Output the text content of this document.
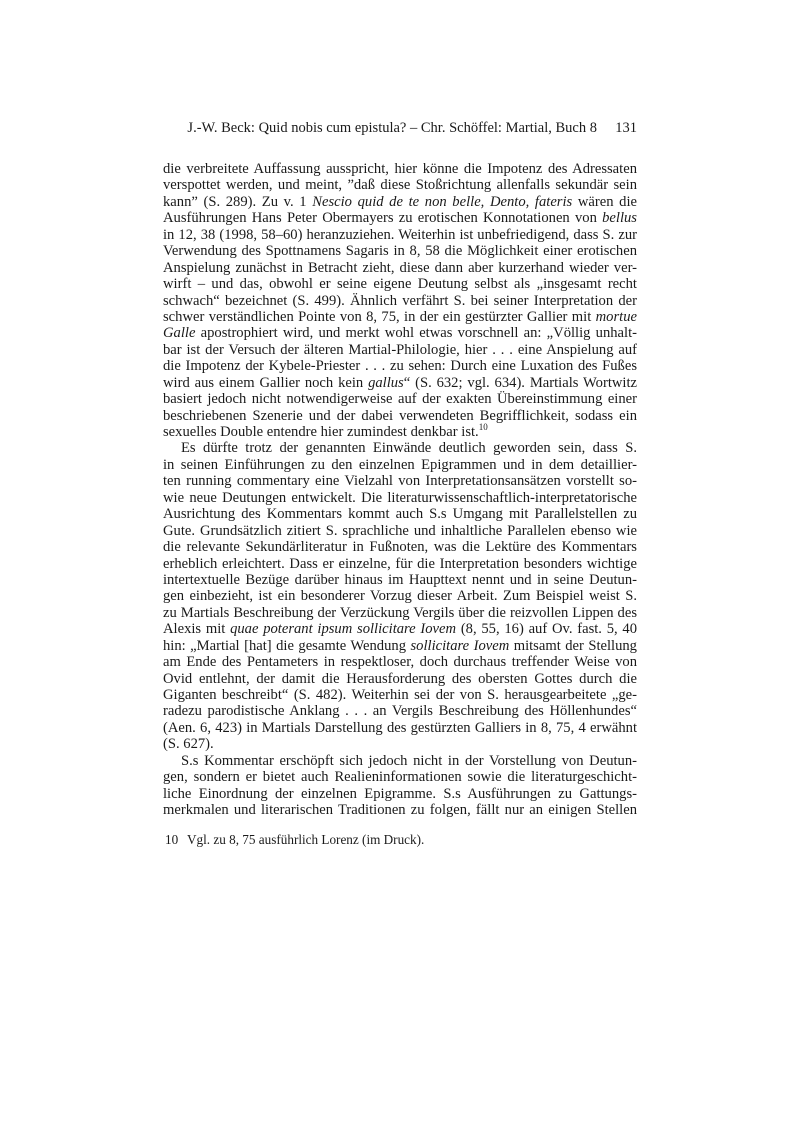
J.-W. Beck: Quid nobis cum epistula? – Chr. Schöffel: Martial, Buch 8 131
die verbreitete Auffassung ausspricht, hier könne die Impotenz des Adressaten
verspottet werden, und meint, ”daß diese Stoßrichtung allenfalls sekundär sein
kann” (S. 289). Zu v. 1 Nescio quid de te non belle, Dento, fateris wären die
Ausführungen Hans Peter Obermayers zu erotischen Konnotationen von bellus
in 12, 38 (1998, 58–60) heranzuziehen. Weiterhin ist unbefriedigend, dass S. zur
Verwendung des Spottnamens Sagaris in 8, 58 die Möglichkeit einer erotischen
Anspielung zunächst in Betracht zieht, diese dann aber kurzerhand wieder ver-
wirft – und das, obwohl er seine eigene Deutung selbst als „insgesamt recht
schwach“ bezeichnet (S. 499). Ähnlich verfährt S. bei seiner Interpretation der
schwer verständlichen Pointe von 8, 75, in der ein gestürzter Gallier mit mortue
Galle apostrophiert wird, und merkt wohl etwas vorschnell an: „Völlig unhalt-
bar ist der Versuch der älteren Martial-Philologie, hier . . . eine Anspielung auf
die Impotenz der Kybele-Priester . . . zu sehen: Durch eine Luxation des Fußes
wird aus einem Gallier noch kein gallus“ (S. 632; vgl. 634). Martials Wortwitz
basiert jedoch nicht notwendigerweise auf der exakten Übereinstimmung einer
beschriebenen Szenerie und der dabei verwendeten Begrifflichkeit, sodass ein
sexuelles Double entendre hier zumindest denkbar ist.$^{10}$
Es dürfte trotz der genannten Einwände deutlich geworden sein, dass S.
in seinen Einführungen zu den einzelnen Epigrammen und in dem detaillier-
ten running commentary eine Vielzahl von Interpretationsansätzen vorstellt so-
wie neue Deutungen entwickelt. Die literaturwissenschaftlich-interpretatorische
Ausrichtung des Kommentars kommt auch S.s Umgang mit Parallelstellen zu
Gute. Grundsätzlich zitiert S. sprachliche und inhaltliche Parallelen ebenso wie
die relevante Sekundärliteratur in Fußnoten, was die Lektüre des Kommentars
erheblich erleichtert. Dass er einzelne, für die Interpretation besonders wichtige
intertextuelle Bezüge darüber hinaus im Haupttext nennt und in seine Deutun-
gen einbezieht, ist ein besonderer Vorzug dieser Arbeit. Zum Beispiel weist S.
zu Martials Beschreibung der Verzückung Vergils über die reizvollen Lippen des
Alexis mit quae poterant ipsum sollicitare Iovem (8, 55, 16) auf Ov. fast. 5, 40
hin: „Martial [hat] die gesamte Wendung sollicitare Iovem mitsamt der Stellung
am Ende des Pentameters in respektloser, doch durchaus treffender Weise von
Ovid entlehnt, der damit die Herausforderung des obersten Gottes durch die
Giganten beschreibt“ (S. 482). Weiterhin sei der von S. herausgearbeitete „ge-
radezu parodistische Anklang . . . an Vergils Beschreibung des Höllenhundes“
(Aen. 6, 423) in Martials Darstellung des gestürzten Galliers in 8, 75, 4 erwähnt
(S. 627).
S.s Kommentar erschöpft sich jedoch nicht in der Vorstellung von Deutun-
gen, sondern er bietet auch Realieninformationen sowie die literaturgeschicht-
liche Einordnung der einzelnen Epigramme. S.s Ausführungen zu Gattungs-
merkmalen und literarischen Traditionen zu folgen, fällt nur an einigen Stellen
10 Vgl. zu 8, 75 ausführlich Lorenz (im Druck).
